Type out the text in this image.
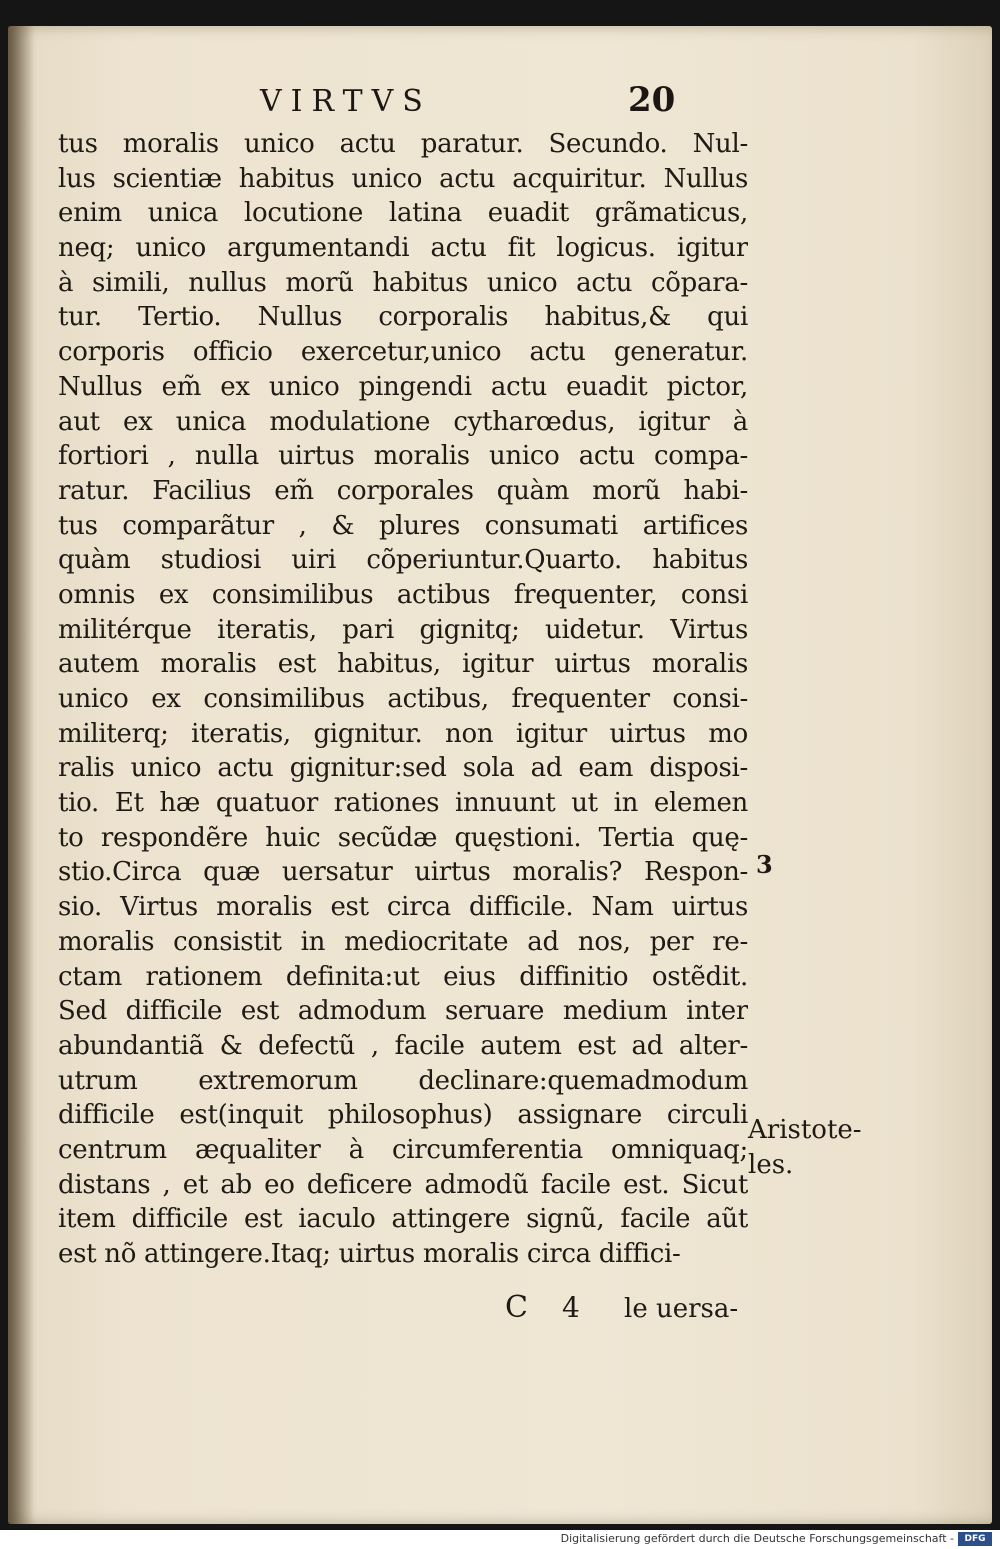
VIRTVS	20
tus moralis unico actu paratur. Secundo. Nul-
lus scientiæ habitus unico actu acquiritur. Nullus
enim unica locutione latina euadit grãmaticus,
neq; unico argumentandi actu fit logicus. igitur
à simili, nullus morũ habitus unico actu cõpara-
tur. Tertio. Nullus corporalis habitus,& qui
corporis officio exercetur,unico actu generatur.
Nullus em̃ ex unico pingendi actu euadit pictor,
aut ex unica modulatione cytharœdus, igitur à
fortiori , nulla uirtus moralis unico actu compa-
ratur. Facilius em̃ corporales quàm morũ habi-
tus comparãtur , & plures consumati artifices
quàm studiosi uiri cõperiuntur.Quarto. habitus
omnis ex consimilibus actibus frequenter, consi
militérque iteratis, pari gignitq; uidetur. Virtus
autem moralis est habitus, igitur uirtus moralis
unico ex consimilibus actibus, frequenter consi-
militerq; iteratis, gignitur. non igitur uirtus mo
ralis unico actu gignitur:sed sola ad eam disposi-
tio. Et hæ quatuor rationes innuunt ut in elemen
to respondẽre huic secũdæ quęstioni. Tertia quę-
stio.Circa quæ uersatur uirtus moralis? Respon-
sio. Virtus moralis est circa difficile. Nam uirtus
moralis consistit in mediocritate ad nos, per re-
ctam rationem definita:ut eius diffinitio ostẽdit.
Sed difficile est admodum seruare medium inter
abundantiã & defectũ , facile autem est ad alter-
utrum extremorum declinare:quemadmodum
difficile est(inquit philosophus) assignare circuli
centrum æqualiter à circumferentia omniquaq;
distans , et ab eo deficere admodũ facile est. Sicut
item difficile est iaculo attingere signũ, facile aũt
est nõ attingere.Itaq; uirtus moralis circa diffici-
3
Aristote-
les.
C 4 le uersa-
Digitalisierung gefördert durch die Deutsche Forschungsgemeinschaft -	DFG
